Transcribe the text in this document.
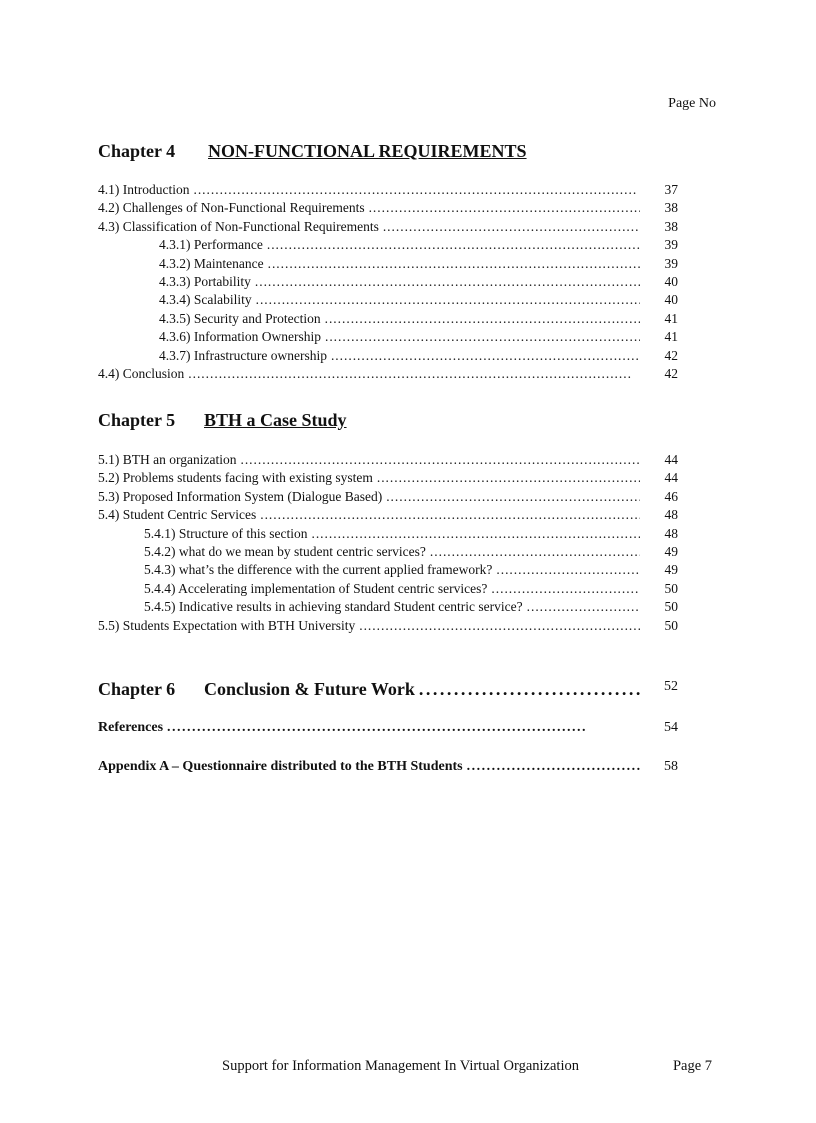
Page No
Chapter 4 NON-FUNCTIONAL REQUIREMENTS
4.1) Introduction . . .	37
4.2) Challenges of Non-Functional Requirements . . .	38
4.3) Classification of Non-Functional Requirements . . .	38
4.3.1) Performance . . .	39
4.3.2) Maintenance . . .	39
4.3.3) Portability . . .	40
4.3.4) Scalability . . .	40
4.3.5) Security and Protection . . .	41
4.3.6) Information Ownership . . .	41
4.3.7) Infrastructure ownership . . .	42
4.4) Conclusion . . .	42
Chapter 5 BTH a Case Study
5.1) BTH an organization . . .	44
5.2) Problems students facing with existing system . . .	44
5.3) Proposed Information System (Dialogue Based) . . .	46
5.4) Student Centric Services . . .	48
5.4.1) Structure of this section . . .	48
5.4.2) what do we mean by student centric services? . . .	49
5.4.3) what’s the difference with the current applied framework? . . .	49
5.4.4) Accelerating implementation of Student centric services? . . .	50
5.4.5) Indicative results in achieving standard Student centric service? . . .	50
5.5) Students Expectation with BTH University . . .	50
Chapter 6 Conclusion & Future Work . . .	52
References . . .	54
Appendix A – Questionnaire distributed to the BTH Students . . .	58
Support for Information Management In Virtual Organization	Page 7
